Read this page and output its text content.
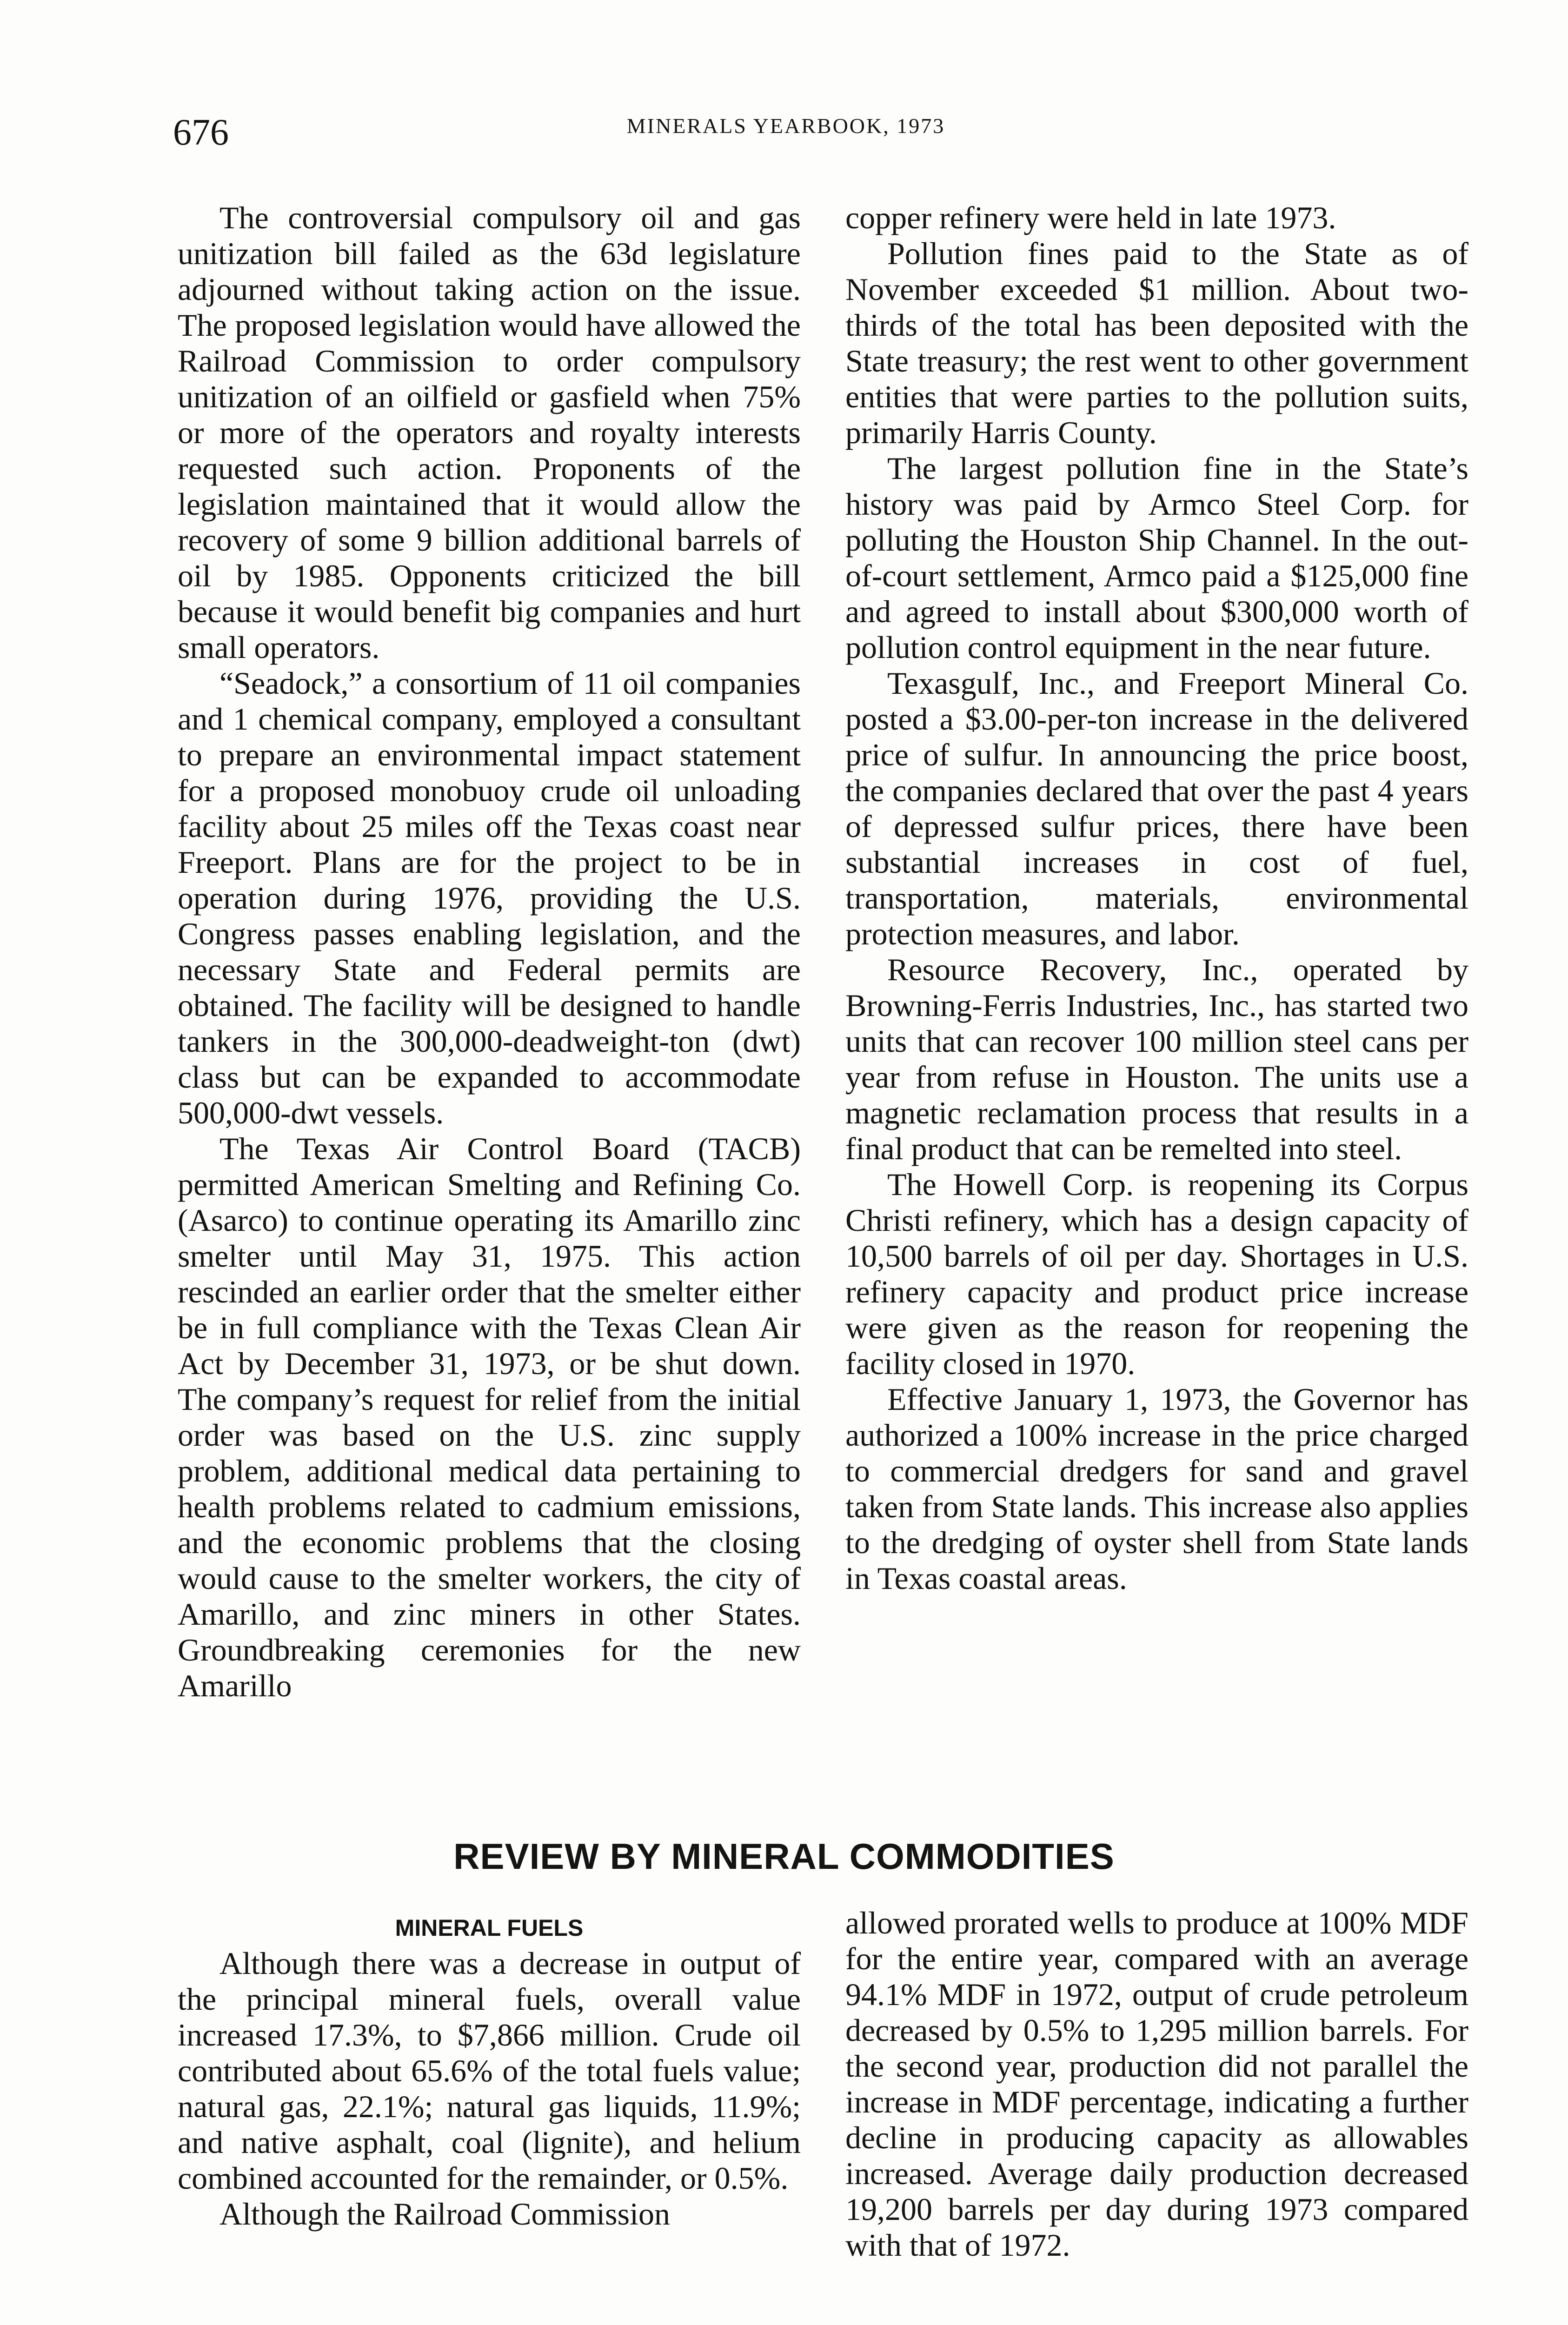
676	MINERALS YEARBOOK, 1973

The controversial compulsory oil and gas unitization bill failed as the 63d legislature adjourned without taking action on the issue. The proposed legislation would have allowed the Railroad Commission to order compulsory unitization of an oilfield or gasfield when 75% or more of the operators and royalty interests requested such action. Proponents of the legislation maintained that it would allow the recovery of some 9 billion additional barrels of oil by 1985. Opponents criticized the bill because it would benefit big companies and hurt small operators.

“Seadock,” a consortium of 11 oil companies and 1 chemical company, employed a consultant to prepare an environmental impact statement for a proposed monobuoy crude oil unloading facility about 25 miles off the Texas coast near Freeport. Plans are for the project to be in operation during 1976, providing the U.S. Congress passes enabling legislation, and the necessary State and Federal permits are obtained. The facility will be designed to handle tankers in the 300,000-deadweight-ton (dwt) class but can be expanded to accommodate 500,000-dwt vessels.

The Texas Air Control Board (TACB) permitted American Smelting and Refining Co. (Asarco) to continue operating its Amarillo zinc smelter until May 31, 1975. This action rescinded an earlier order that the smelter either be in full compliance with the Texas Clean Air Act by December 31, 1973, or be shut down. The company’s request for relief from the initial order was based on the U.S. zinc supply problem, additional medical data pertaining to health problems related to cadmium emissions, and the economic problems that the closing would cause to the smelter workers, the city of Amarillo, and zinc miners in other States. Groundbreaking ceremonies for the new Amarillo

copper refinery were held in late 1973.

Pollution fines paid to the State as of November exceeded $1 million. About two-thirds of the total has been deposited with the State treasury; the rest went to other government entities that were parties to the pollution suits, primarily Harris County.

The largest pollution fine in the State’s history was paid by Armco Steel Corp. for polluting the Houston Ship Channel. In the out-of-court settlement, Armco paid a $125,000 fine and agreed to install about $300,000 worth of pollution control equipment in the near future.

Texasgulf, Inc., and Freeport Mineral Co. posted a $3.00-per-ton increase in the delivered price of sulfur. In announcing the price boost, the companies declared that over the past 4 years of depressed sulfur prices, there have been substantial increases in cost of fuel, transportation, materials, environmental protection measures, and labor.

Resource Recovery, Inc., operated by Browning-Ferris Industries, Inc., has started two units that can recover 100 million steel cans per year from refuse in Houston. The units use a magnetic reclamation process that results in a final product that can be remelted into steel.

The Howell Corp. is reopening its Corpus Christi refinery, which has a design capacity of 10,500 barrels of oil per day. Shortages in U.S. refinery capacity and product price increase were given as the reason for reopening the facility closed in 1970.

Effective January 1, 1973, the Governor has authorized a 100% increase in the price charged to commercial dredgers for sand and gravel taken from State lands. This increase also applies to the dredging of oyster shell from State lands in Texas coastal areas.

REVIEW BY MINERAL COMMODITIES
MINERAL FUELS

Although there was a decrease in output of the principal mineral fuels, overall value increased 17.3%, to $7,866 million. Crude oil contributed about 65.6% of the total fuels value; natural gas, 22.1%; natural gas liquids, 11.9%; and native asphalt, coal (lignite), and helium combined accounted for the remainder, or 0.5%.

Although the Railroad Commission

allowed prorated wells to produce at 100% MDF for the entire year, compared with an average 94.1% MDF in 1972, output of crude petroleum decreased by 0.5% to 1,295 million barrels. For the second year, production did not parallel the increase in MDF percentage, indicating a further decline in producing capacity as allowables increased. Average daily production decreased 19,200 barrels per day during 1973 compared with that of 1972.
